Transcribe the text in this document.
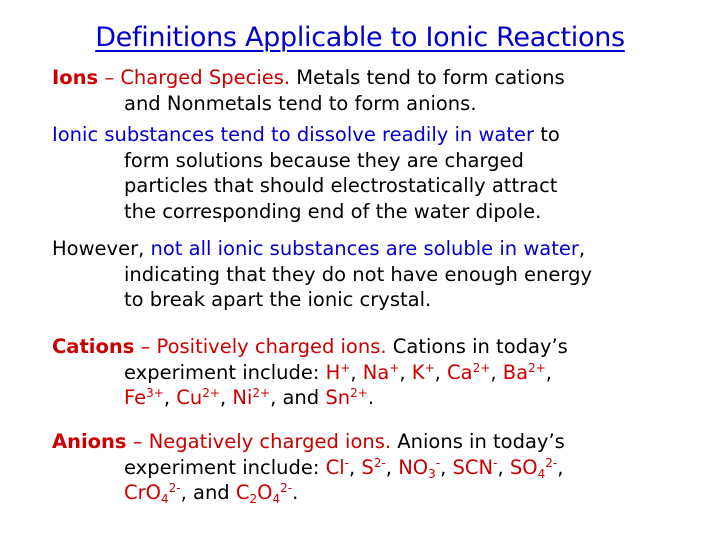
Definitions Applicable to Ionic Reactions
Ions – Charged Species. Metals tend to form cations
and Nonmetals tend to form anions.
Ionic substances tend to dissolve readily in water to
form solutions because they are charged
particles that should electrostatically attract
the corresponding end of the water dipole.
However, not all ionic substances are soluble in water,
indicating that they do not have enough energy
to break apart the ionic crystal.
Cations – Positively charged ions. Cations in today’s
experiment include: H+, Na+, K+, $Ca^{2+}$, $Ba^{2+}$,
$Fe^{3+}$, $Cu^{2+}$, $Ni^{2+}$, and $Sn^{2+}$.
Anions – Negatively charged ions. Anions in today’s
experiment include: Cl-, $S^{2-}$, $NO_3^-$, SCN-, $SO_4^{2-}$,
CrO$_4^{2-}$, and $C_2O_4^{2-}$.
